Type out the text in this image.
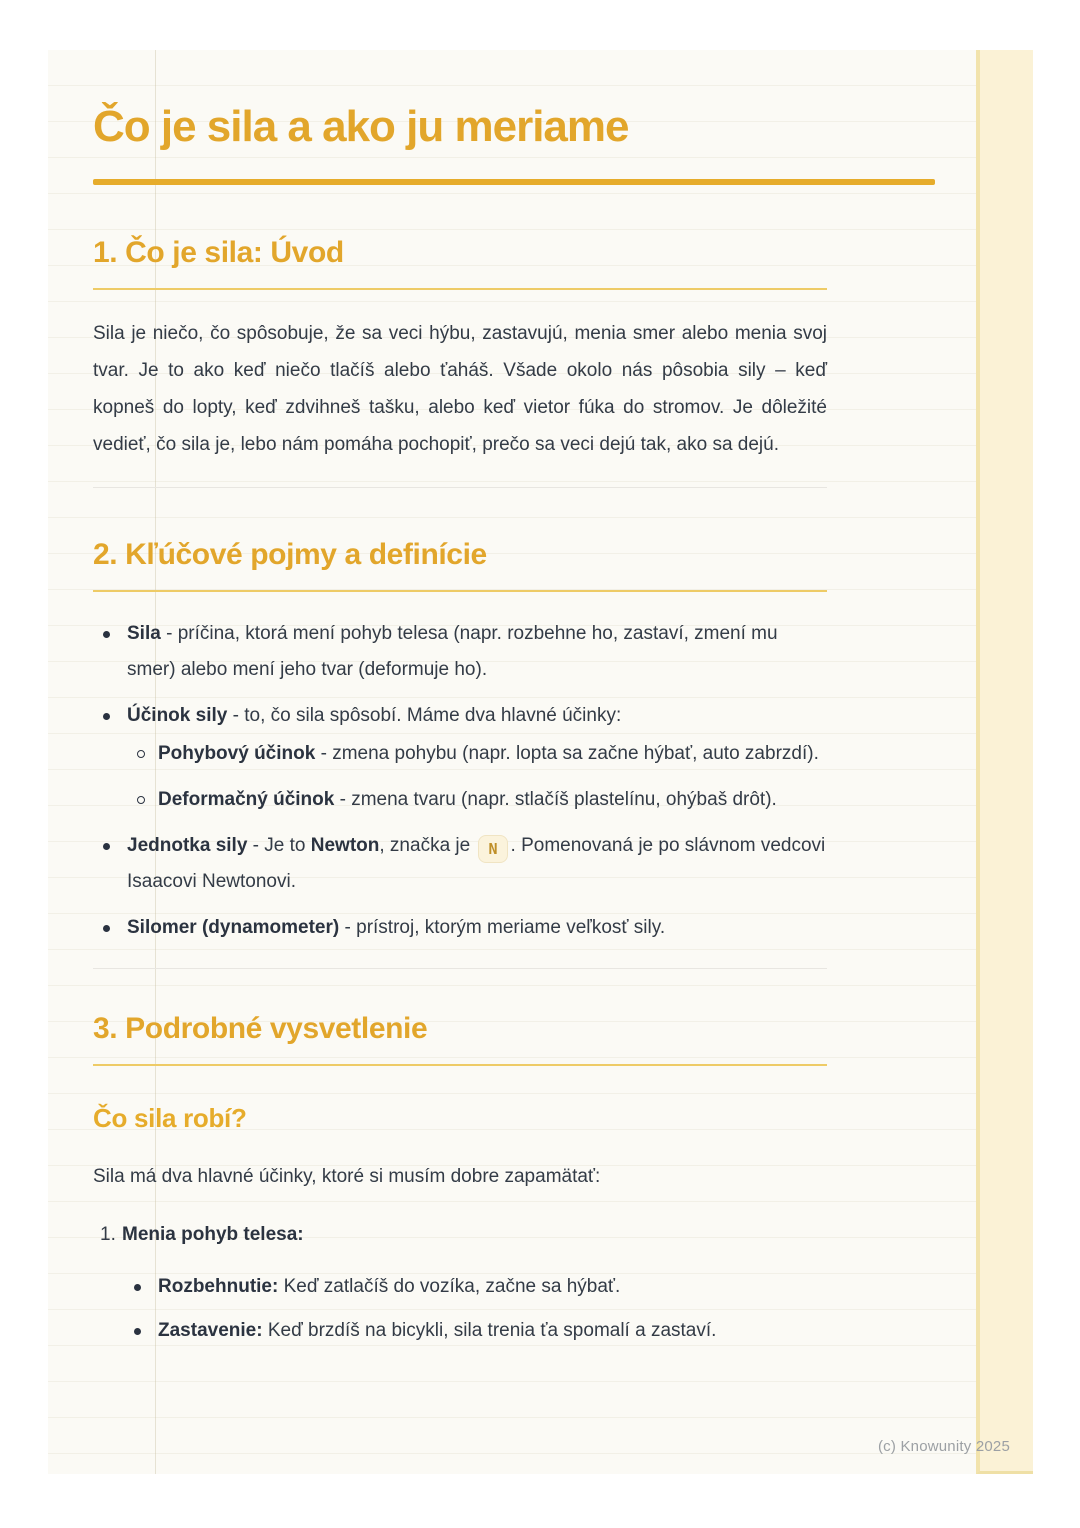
Čo je sila a ako ju meriame
1. Čo je sila: Úvod

Sila je niečo, čo spôsobuje, že sa veci hýbu, zastavujú, menia smer alebo menia svoj tvar. Je to ako keď niečo tlačíš alebo ťaháš. Všade okolo nás pôsobia sily – keď kopneš do lopty, keď zdvihneš tašku, alebo keď vietor fúka do stromov. Je dôležité vedieť, čo sila je, lebo nám pomáha pochopiť, prečo sa veci dejú tak, ako sa dejú.

2. Kľúčové pojmy a definície
Sila - príčina, ktorá mení pohyb telesa (napr. rozbehne ho, zastaví, zmení mu smer) alebo mení jeho tvar (deformuje ho).
Účinok sily - to, čo sila spôsobí. Máme dva hlavné účinky:
Pohybový účinok - zmena pohybu (napr. lopta sa začne hýbať, auto zabrzdí).
Deformačný účinok - zmena tvaru (napr. stlačíš plastelínu, ohýbaš drôt).
Jednotka sily - Je to Newton, značka je N . Pomenovaná je po slávnom vedcovi Isaacovi Newtonovi.
Silomer (dynamometer) - prístroj, ktorým meriame veľkosť sily.
3. Podrobné vysvetlenie
Čo sila robí?

Sila má dva hlavné účinky, ktoré si musím dobre zapamätať:

1. Menia pohyb telesa:
Rozbehnutie: Keď zatlačíš do vozíka, začne sa hýbať.
Zastavenie: Keď brzdíš na bicykli, sila trenia ťa spomalí a zastaví.
(c) Knowunity 2025
